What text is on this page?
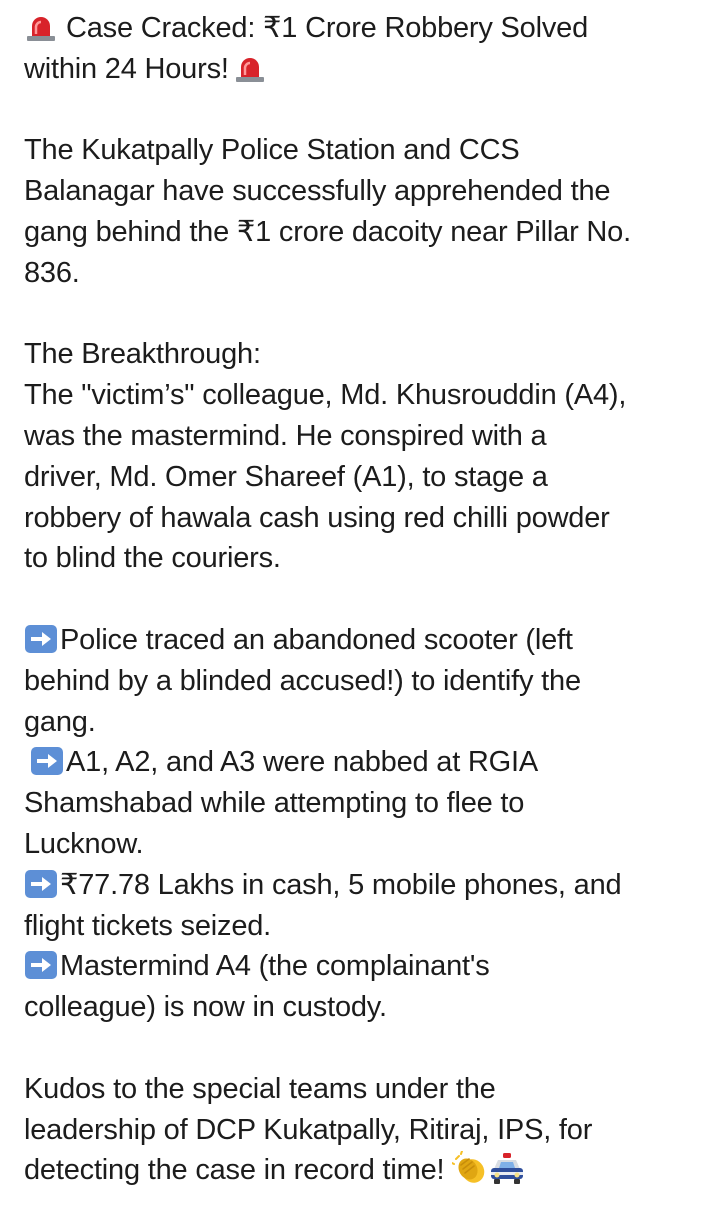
Case Cracked: ₹1 Crore Robbery Solved
within 24 Hours!
The Kukatpally Police Station and CCS
Balanagar have successfully apprehended the
gang behind the ₹1 crore dacoity near Pillar No.
836.
The Breakthrough:
The "victim’s" colleague, Md. Khusrouddin (A4),
was the mastermind. He conspired with a
driver, Md. Omer Shareef (A1), to stage a
robbery of hawala cash using red chilli powder
to blind the couriers.
Police traced an abandoned scooter (left
behind by a blinded accused!) to identify the
gang.
A1, A2, and A3 were nabbed at RGIA
Shamshabad while attempting to flee to
Lucknow.
₹77.78 Lakhs in cash, 5 mobile phones, and
flight tickets seized.
Mastermind A4 (the complainant's
colleague) is now in custody.
Kudos to the special teams under the
leadership of DCP Kukatpally, Ritiraj, IPS, for
detecting the case in record time!
